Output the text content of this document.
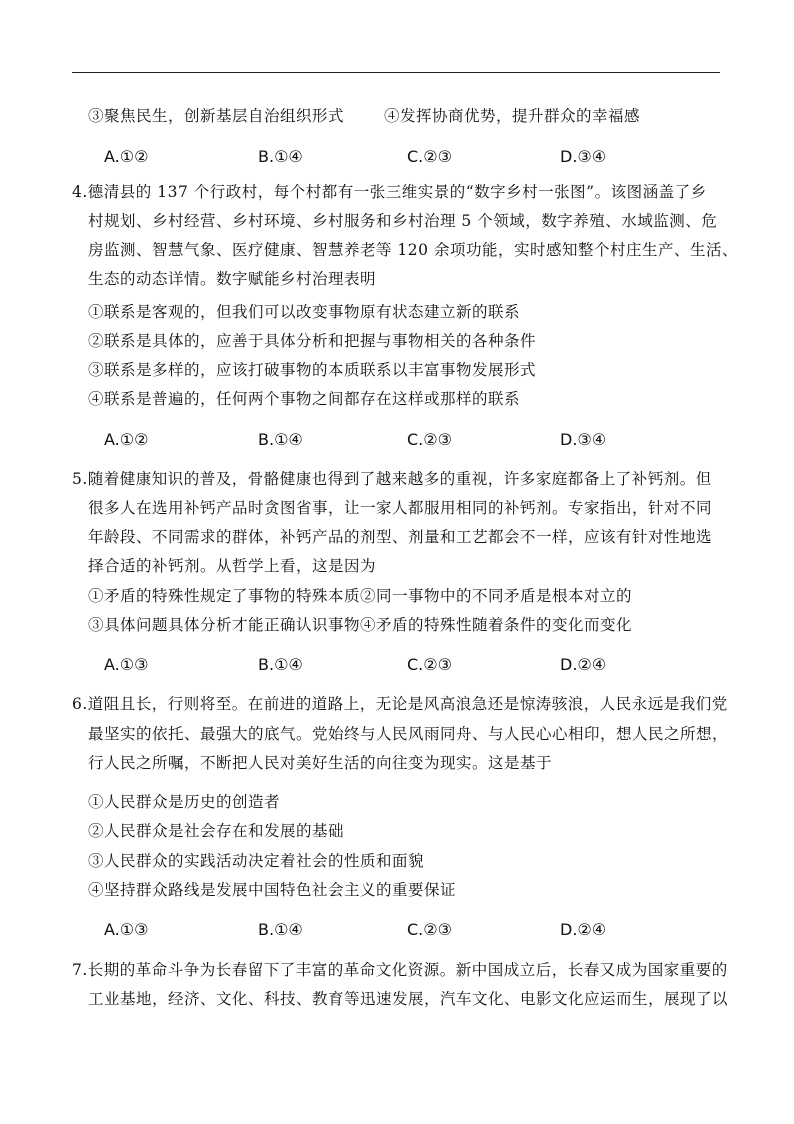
③聚焦民生，创新基层自治组织形式	④发挥协商优势，提升群众的幸福感
A.①②	B.①④	C.②③	D.③④
4.德清县的 137 个行政村，每个村都有一张三维实景的“数字乡村一张图”。该图涵盖了乡
村规划、乡村经营、乡村环境、乡村服务和乡村治理 5 个领域，数字养殖、水域监测、危
房监测、智慧气象、医疗健康、智慧养老等 120 余项功能，实时感知整个村庄生产、生活、
生态的动态详情。数字赋能乡村治理表明
①联系是客观的，但我们可以改变事物原有状态建立新的联系
②联系是具体的，应善于具体分析和把握与事物相关的各种条件
③联系是多样的，应该打破事物的本质联系以丰富事物发展形式
④联系是普遍的，任何两个事物之间都存在这样或那样的联系
A.①②	B.①④	C.②③	D.③④
5.随着健康知识的普及，骨骼健康也得到了越来越多的重视，许多家庭都备上了补钙剂。但
很多人在选用补钙产品时贪图省事，让一家人都服用相同的补钙剂。专家指出，针对不同
年龄段、不同需求的群体，补钙产品的剂型、剂量和工艺都会不一样，应该有针对性地选
择合适的补钙剂。从哲学上看，这是因为
①矛盾的特殊性规定了事物的特殊本质②同一事物中的不同矛盾是根本对立的
③具体问题具体分析才能正确认识事物④矛盾的特殊性随着条件的变化而变化
A.①③	B.①④	C.②③	D.②④
6.道阻且长，行则将至。在前进的道路上，无论是风高浪急还是惊涛骇浪，人民永远是我们党
最坚实的依托、最强大的底气。党始终与人民风雨同舟、与人民心心相印，想人民之所想，
行人民之所嘱，不断把人民对美好生活的向往变为现实。这是基于
①人民群众是历史的创造者
②人民群众是社会存在和发展的基础
③人民群众的实践活动决定着社会的性质和面貌
④坚持群众路线是发展中国特色社会主义的重要保证
A.①③	B.①④	C.②③	D.②④
7.长期的革命斗争为长春留下了丰富的革命文化资源。新中国成立后，长春又成为国家重要的
工业基地，经济、文化、科技、教育等迅速发展，汽车文化、电影文化应运而生，展现了以
